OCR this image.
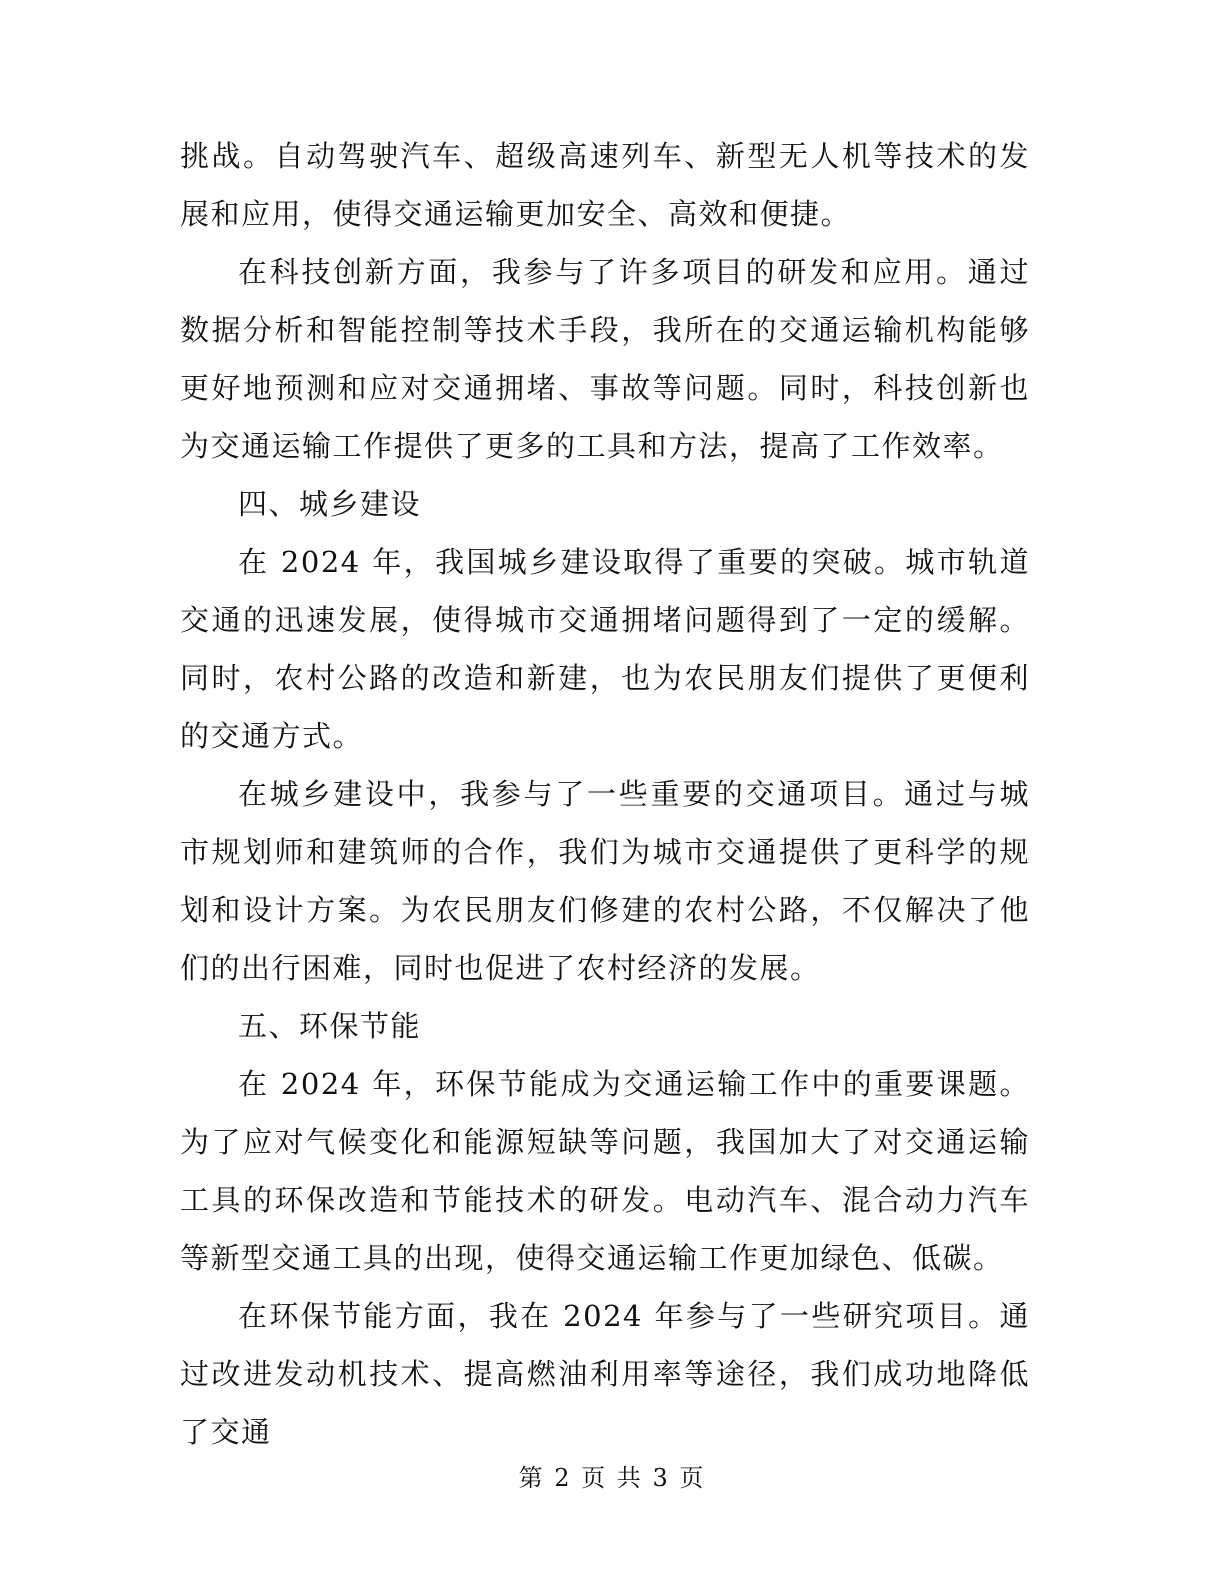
挑战。自动驾驶汽车、超级高速列车、新型无人机等技术的发展和应用，使得交通运输更加安全、高效和便捷。

在科技创新方面，我参与了许多项目的研发和应用。通过数据分析和智能控制等技术手段，我所在的交通运输机构能够更好地预测和应对交通拥堵、事故等问题。同时，科技创新也为交通运输工作提供了更多的工具和方法，提高了工作效率。

四、城乡建设

在 2024 年，我国城乡建设取得了重要的突破。城市轨道交通的迅速发展，使得城市交通拥堵问题得到了一定的缓解。同时，农村公路的改造和新建，也为农民朋友们提供了更便利的交通方式。

在城乡建设中，我参与了一些重要的交通项目。通过与城市规划师和建筑师的合作，我们为城市交通提供了更科学的规划和设计方案。为农民朋友们修建的农村公路，不仅解决了他们的出行困难，同时也促进了农村经济的发展。

五、环保节能

在 2024 年，环保节能成为交通运输工作中的重要课题。为了应对气候变化和能源短缺等问题，我国加大了对交通运输工具的环保改造和节能技术的研发。电动汽车、混合动力汽车等新型交通工具的出现，使得交通运输工作更加绿色、低碳。

在环保节能方面，我在 2024 年参与了一些研究项目。通过改进发动机技术、提高燃油利用率等途径，我们成功地降低了交通

第 2 页 共 3 页
